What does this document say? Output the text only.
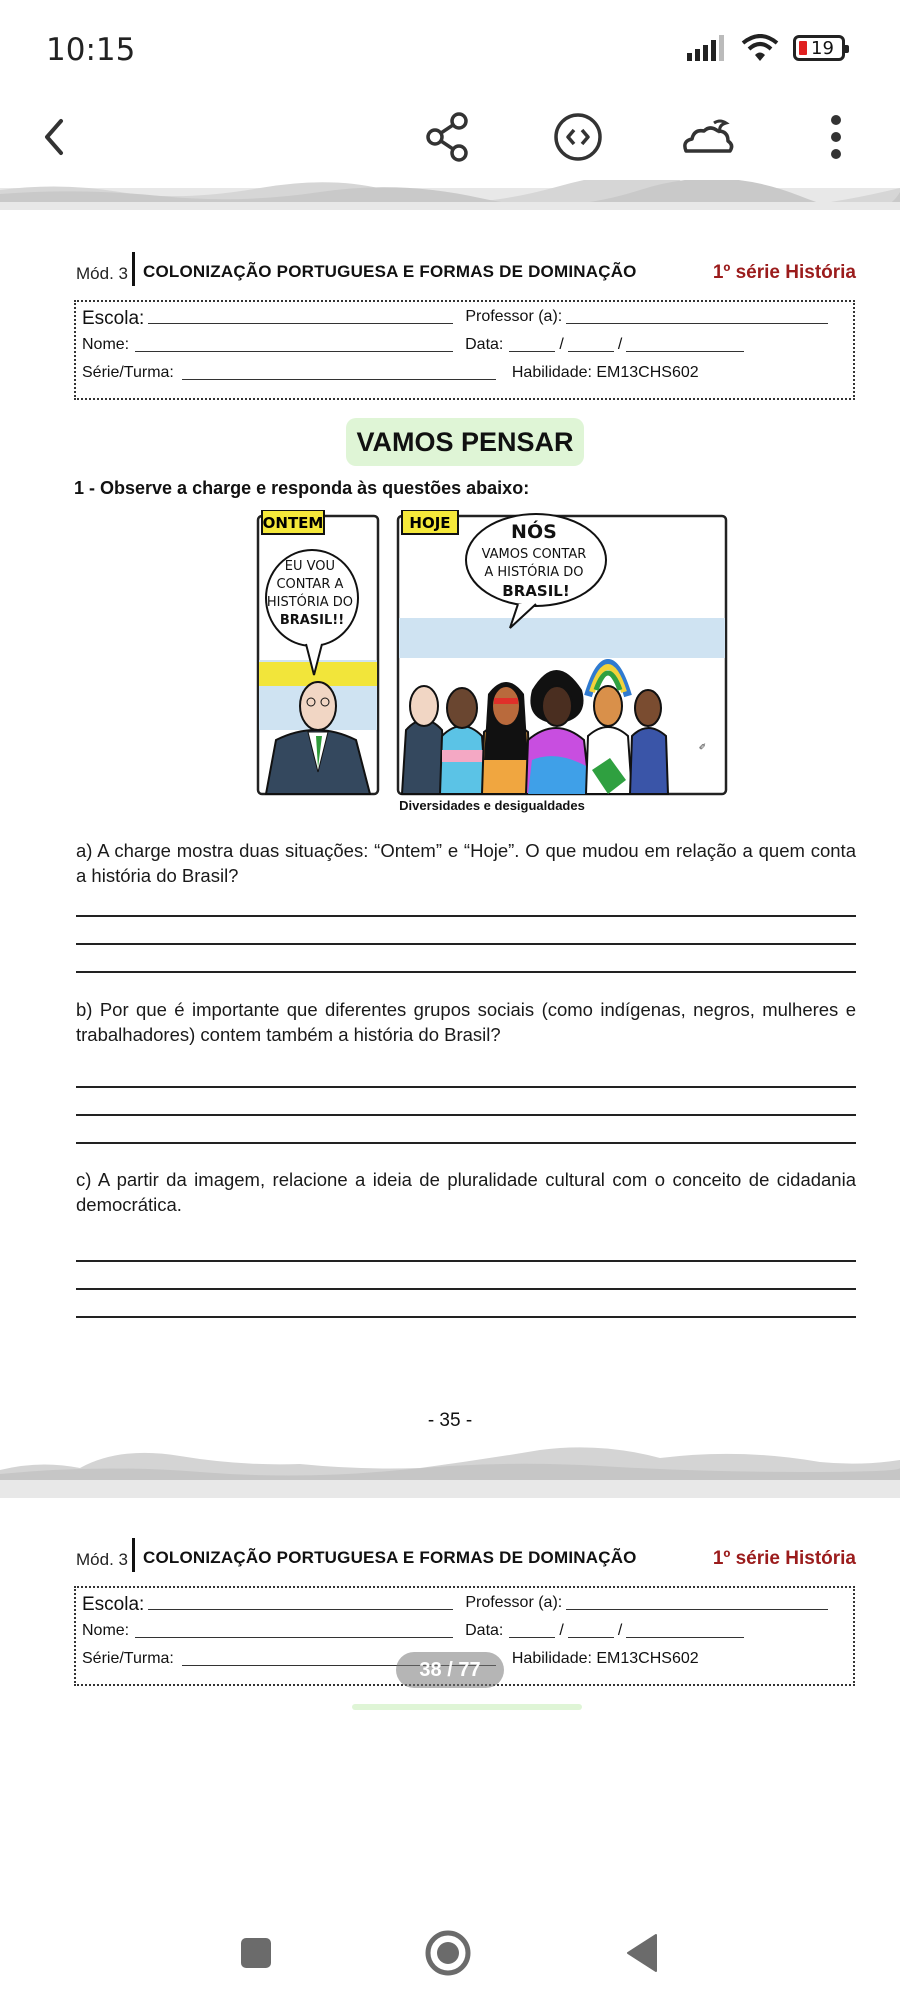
10:15	19
Mód. 3 COLONIZAÇÃO PORTUGUESA E FORMAS DE DOMINAÇÃO	1º série História
Escola:	Professor (a):
Nome:	Data:	/	/
Série/Turma:	Habilidade: EM13CHS602
VAMOS PENSAR
1 - Observe a charge e responda às questões abaixo:
ONTEM
EU VOU CONTAR A HISTÓRIA DO BRASIL!!
HOJE	NÓS VAMOS CONTAR A HISTÓRIA DO BRASIL!
✎
Diversidades e desigualdades
a) A charge mostra duas situações: “Ontem” e “Hoje”. O que mudou em relação a quem conta a história do Brasil?
b) Por que é importante que diferentes grupos sociais (como indígenas, negros, mulheres e trabalhadores) contem também a história do Brasil?
c) A partir da imagem, relacione a ideia de pluralidade cultural com o conceito de cidadania democrática.
- 35 -
Mód. 3 COLONIZAÇÃO PORTUGUESA E FORMAS DE DOMINAÇÃO	1º série História
Escola:	Professor (a):
Nome:	Data:	/	/
Série/Turma:	Habilidade: EM13CHS602
38 / 77
